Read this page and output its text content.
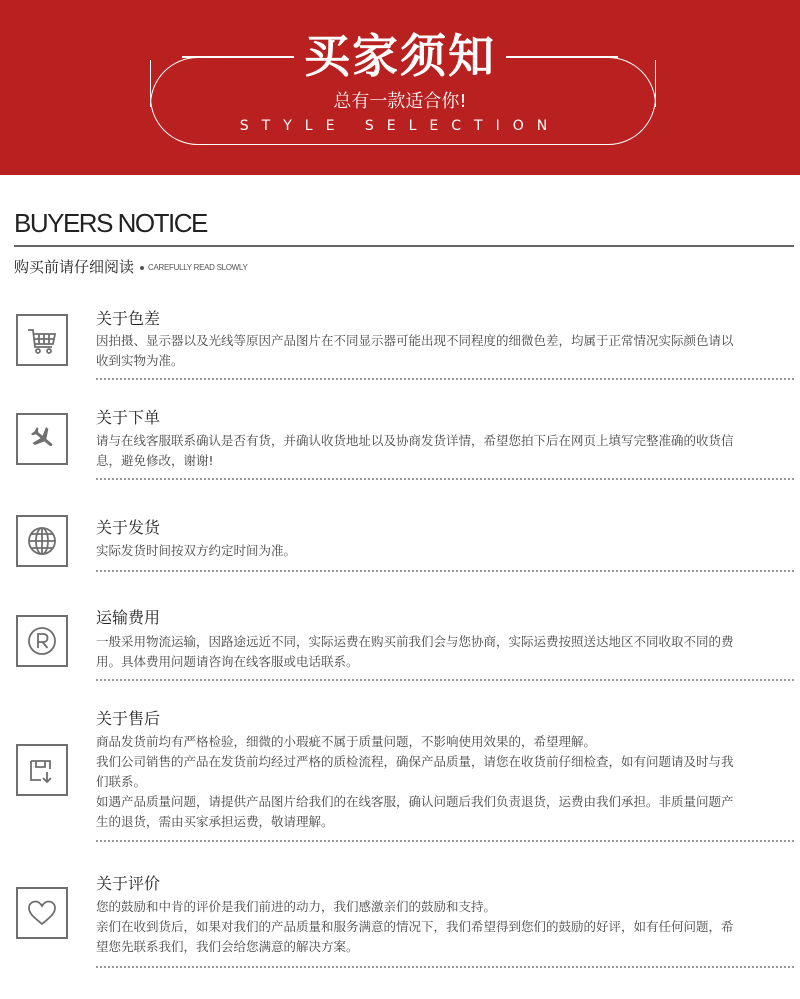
买家须知
总有一款适合你!
STYLE SELECTION
BUYERS NOTICE
购买前请仔细阅读 CAREFULLY READ SLOWLY
关于色差

因拍摄、显示器以及光线等原因产品图片在不同显示器可能出现不同程度的细微色差，均属于正常情况实际颜色请以收到实物为准。

关于下单

请与在线客服联系确认是否有货，并确认收货地址以及协商发货详情，希望您拍下后在网页上填写完整准确的收货信息，避免修改，谢谢!

关于发货

实际发货时间按双方约定时间为准。

运输费用

一般采用物流运输，因路途远近不同，实际运费在购买前我们会与您协商，实际运费按照送达地区不同收取不同的费用。具体费用问题请咨询在线客服或电话联系。

关于售后

商品发货前均有严格检验，细微的小瑕疵不属于质量问题，不影响使用效果的，希望理解。

我们公司销售的产品在发货前均经过严格的质检流程，确保产品质量，请您在收货前仔细检查，如有问题请及时与我们联系。

如遇产品质量问题，请提供产品图片给我们的在线客服，确认问题后我们负责退货，运费由我们承担。非质量问题产生的退货，需由买家承担运费，敬请理解。

关于评价

您的鼓励和中肯的评价是我们前进的动力，我们感激亲们的鼓励和支持。

亲们在收到货后，如果对我们的产品质量和服务满意的情况下，我们希望得到您们的鼓励的好评，如有任何问题，希望您先联系我们，我们会给您满意的解决方案。
